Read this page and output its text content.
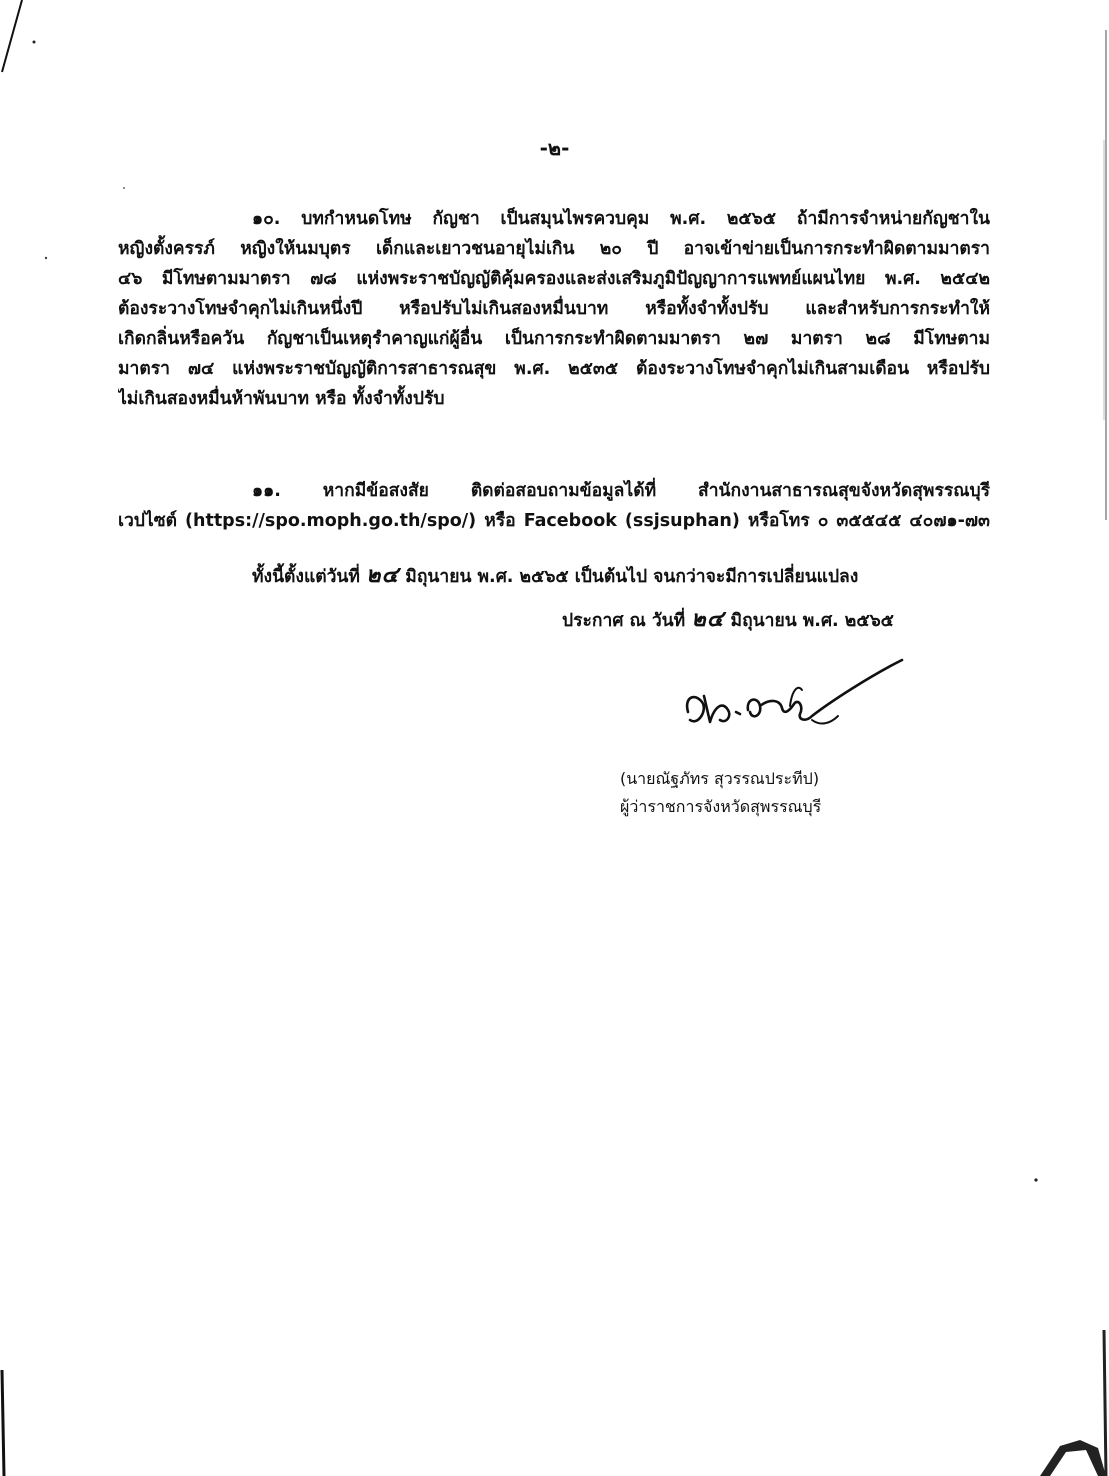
-๒-
๑๐. บทกำหนดโทษ กัญชา เป็นสมุนไพรควบคุม พ.ศ. ๒๕๖๕ ถ้ามีการจำหน่ายกัญชาใน
หญิงตั้งครรภ์ หญิงให้นมบุตร เด็กและเยาวชนอายุไม่เกิน ๒๐ ปี อาจเข้าข่ายเป็นการกระทำผิดตามมาตรา
๔๖ มีโทษตามมาตรา ๗๘ แห่งพระราชบัญญัติคุ้มครองและส่งเสริมภูมิปัญญาการแพทย์แผนไทย พ.ศ. ๒๕๔๒
ต้องระวางโทษจำคุกไม่เกินหนึ่งปี หรือปรับไม่เกินสองหมื่นบาท หรือทั้งจำทั้งปรับ และสำหรับการกระทำให้
เกิดกลิ่นหรือควัน กัญชาเป็นเหตุรำคาญแก่ผู้อื่น เป็นการกระทำผิดตามมาตรา ๒๗ มาตรา ๒๘ มีโทษตาม
มาตรา ๗๔ แห่งพระราชบัญญัติการสาธารณสุข พ.ศ. ๒๕๓๕ ต้องระวางโทษจำคุกไม่เกินสามเดือน หรือปรับ
ไม่เกินสองหมื่นห้าพันบาท หรือ ทั้งจำทั้งปรับ
๑๑. หากมีข้อสงสัย ติดต่อสอบถามข้อมูลได้ที่ สำนักงานสาธารณสุขจังหวัดสุพรรณบุรี
เวปไซต์ (https://spo.moph.go.th/spo/) หรือ Facebook (ssjsuphan) หรือโทร ๐ ๓๕๕๔๕ ๔๐๗๑-๗๓
ทั้งนี้ตั้งแต่วันที่ ๒๔ มิถุนายน พ.ศ. ๒๕๖๕ เป็นต้นไป จนกว่าจะมีการเปลี่ยนแปลง
ประกาศ ณ วันที่ ๒๔ มิถุนายน พ.ศ. ๒๕๖๕
(นายณัฐภัทร สุวรรณประทีป)
ผู้ว่าราชการจังหวัดสุพรรณบุรี
